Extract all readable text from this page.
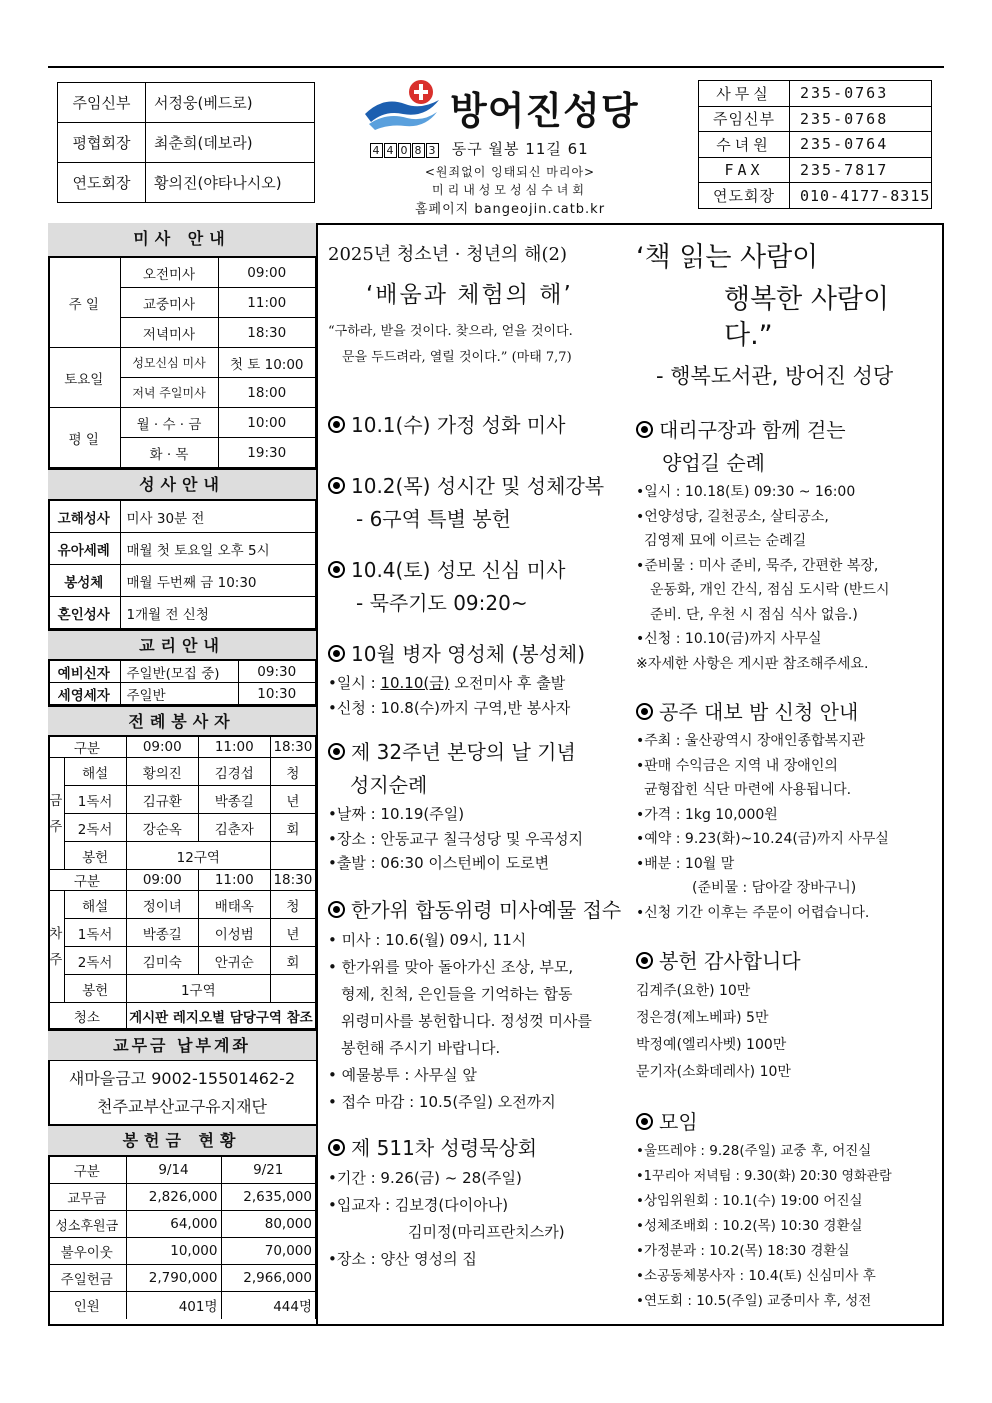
주임신부	서정웅(베드로)
평협회장	최춘희(데보라)
연도회장	황의진(야타나시오)
방어진성당
4 4 0 8 3 동구 월봉 11길 61
<원죄없이 잉태되신 마리아>
미리내성모성심수녀회
홈페이지 bangeojin.catb.kr
사무실	235-0763
주임신부	235-0768
수녀원	235-0764
FAX	235-7817
연도회장	010-4177-8315
미사 안내
주 일	오전미사	09:00
	교중미사	11:00
	저녁미사	18:30
토요일	성모신심 미사	첫 토 10:00
	저녁 주일미사	18:00
평 일	월 · 수 · 금	10:00
	화 · 목	19:30
성사안내
고해성사	미사 30분 전
유아세례	매월 첫 토요일 오후 5시
봉성체	매월 두번째 금 10:30
혼인성사	1개월 전 신청
교리안내
예비신자	주일반(모집 중)	09:30
세영세자	주일반	10:30
전례봉사자
구분		09:00	11:00	18:30
금
주	해설	황의진	김경섭	청
	1독서	김규환	박종길	년
	2독서	강순옥	김춘자	회
	봉헌	12구역		
구분		09:00	11:00	18:30
차
주	해설	정이녀	배태옥	청
	1독서	박종길	이성범	년
	2독서	김미숙	안귀순	회
	봉헌	1구역		
청소		게시판 레지오별 담당구역 참조		
교무금 납부계좌
새마을금고 9002-15501462-2
천주교부산교구유지재단
봉헌금 현황
구분	9/14	9/21
교무금	2,826,000	2,635,000
성소후원금	64,000	80,000
불우이웃	10,000	70,000
주일헌금	2,790,000	2,966,000
인원	401명	444명
2025년 청소년 · 청년의 해(2)
‘배움과 체험의 해’
“구하라, 받을 것이다. 찾으라, 얻을 것이다.
문을 두드려라, 열릴 것이다.” (마태 7,7)
10.1(수) 가정 성화 미사
10.2(목) 성시간 및 성체강복
- 6구역 특별 봉헌
10.4(토) 성모 신심 미사
- 묵주기도 09:20~
10월 병자 영성체 (봉성체)
•일시 : 10.10(금) 오전미사 후 출발
•신청 : 10.8(수)까지 구역,반 봉사자
제 32주년 본당의 날 기념
성지순례
•날짜 : 10.19(주일)
•장소 : 안동교구 칠극성당 및 우곡성지
•출발 : 06:30 이스턴베이 도로변
한가위 합동위령 미사예물 접수
• 미사 : 10.6(월) 09시, 11시
• 한가위를 맞아 돌아가신 조상, 부모,
형제, 친척, 은인들을 기억하는 합동
위령미사를 봉헌합니다. 정성껏 미사를
봉헌해 주시기 바랍니다.
• 예물봉투 : 사무실 앞
• 접수 마감 : 10.5(주일) 오전까지
제 511차 성령묵상회
•기간 : 9.26(금) ~ 28(주일)
•입교자 : 김보경(다이아나)
김미정(마리프란치스카)
•장소 : 양산 영성의 집
‘책 읽는 사람이
행복한 사람이다.”
- 행복도서관, 방어진 성당
대리구장과 함께 걷는
양업길 순례
•일시 : 10.18(토) 09:30 ~ 16:00
•언양성당, 길천공소, 살티공소,
김영제 묘에 이르는 순례길
•준비물 : 미사 준비, 묵주, 간편한 복장,
운동화, 개인 간식, 점심 도시락 (반드시
준비. 단, 우천 시 점심 식사 없음.)
•신청 : 10.10(금)까지 사무실
※자세한 사항은 게시판 참조해주세요.
공주 대보 밤 신청 안내
•주최 : 울산광역시 장애인종합복지관
•판매 수익금은 지역 내 장애인의
균형잡힌 식단 마련에 사용됩니다.
•가격 : 1kg 10,000원
•예약 : 9.23(화)~10.24(금)까지 사무실
•배분 : 10월 말
(준비물 : 담아갈 장바구니)
•신청 기간 이후는 주문이 어렵습니다.
봉헌 감사합니다
김계주(요한) 10만
정은경(제노베파) 5만
박정예(엘리사벳) 100만
문기자(소화데레사) 10만
모임
•울뜨레야 : 9.28(주일) 교중 후, 어진실
•1꾸리아 저녁팀 : 9.30(화) 20:30 영화관람
•상임위원회 : 10.1(수) 19:00 어진실
•성체조배회 : 10.2(목) 10:30 경환실
•가정분과 : 10.2(목) 18:30 경환실
•소공동체봉사자 : 10.4(토) 신심미사 후
•연도회 : 10.5(주일) 교중미사 후, 성전
